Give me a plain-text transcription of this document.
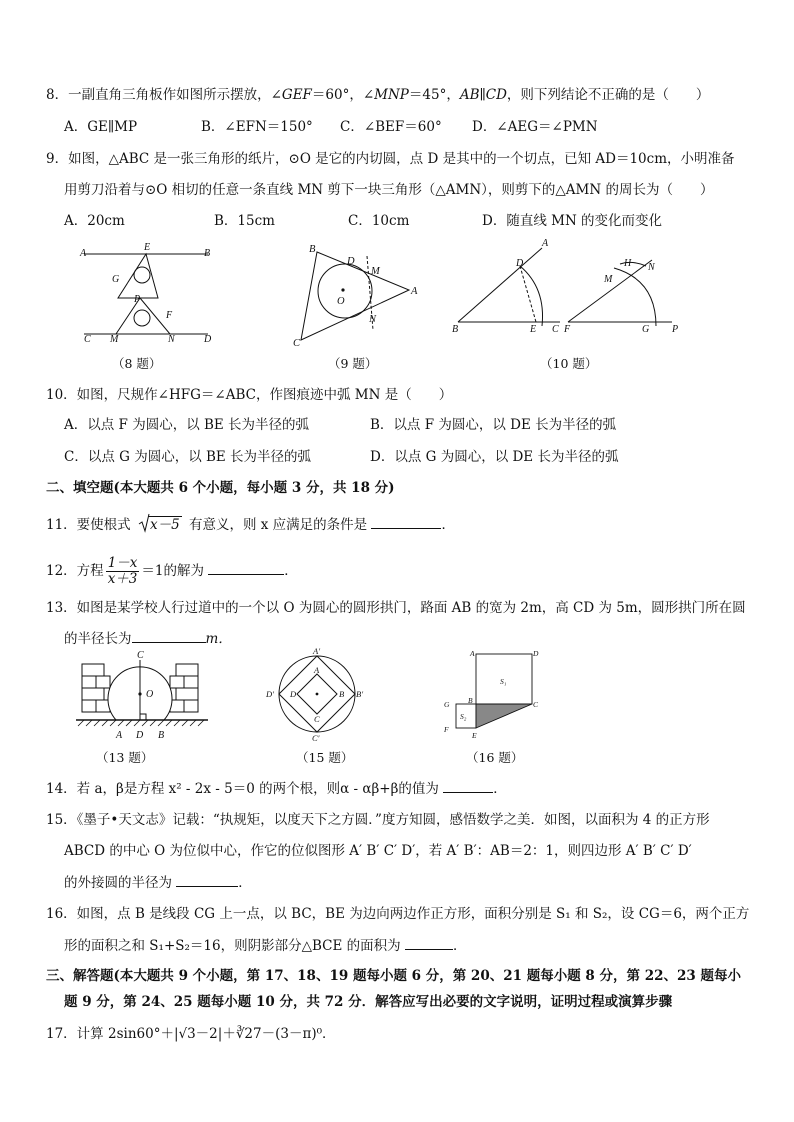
8．一副直角三角板作如图所示摆放，∠GEF＝60°，∠MNP＝45°，AB∥CD，则下列结论不正确的是（　　）
A．GE∥MP	B．∠EFN＝150° C．∠BEF＝60° D．∠AEG＝∠PMN
9．如图，△ABC 是一张三角形的纸片，⊙O 是它的内切圆，点 D 是其中的一个切点，已知 AD＝10cm，小明准备
用剪刀沿着与⊙O 相切的任意一条直线 MN 剪下一块三角形（△AMN），则剪下的△AMN 的周长为（　　）
A．20cm	B．15cm	C．10cm	D．随直线 MN 的变化而变化
A
E
B
G
P
F
C M	N	D
（8 题）
B
D
M
O
A
N
C
（9 题）
A
D
B	E C
H N
M
F	G P
（10 题）
10．如图，尺规作∠HFG＝∠ABC，作图痕迹中弧 MN 是（　　）
A．以点 F 为圆心，以 BE 长为半径的弧	B．以点 F 为圆心，以 DE 长为半径的弧
C．以点 G 为圆心，以 BE 长为半径的弧	D．以点 G 为圆心，以 DE 长为半径的弧
二、填空题(本大题共 6 个小题，每小题 3 分，共 18 分)
11．要使根式 x－5 有意义，则 x 应满足的条件是	．
12．方程 $\frac{1-x}{x+3} =1$的解为	．
13．如图是某学校人行过道中的一个以 O 为圆心的圆形拱门，路面 AB 的宽为 2m，高 CD 为 5m，圆形拱门所在圆
的半径长为	m．
C
O
A D B
（13 题）
A′
A
D′ D	B B′
C
C′
（15 题）
A	D
S₁
G B	C
S₂
F
E
（16 题）
14．若 a，β是方程 x² - 2x - 5＝0 的两个根，则α - αβ+β的值为	．
15．《墨子•天文志》记载：“执规矩，以度天下之方圆．”度方知圆，感悟数学之美．如图，以面积为 4 的正方形
ABCD 的中心 O 为位似中心，作它的位似图形 A′ B′ C′ D′，若 A′ B′：AB＝2：1，则四边形 A′ B′ C′ D′
的外接圆的半径为	．
16．如图，点 B 是线段 CG 上一点，以 BC，BE 为边向两边作正方形，面积分别是 S₁ 和 S₂，设 CG＝6，两个正方
形的面积之和 S₁+S₂＝16，则阴影部分△BCE 的面积为	．
三、解答题(本大题共 9 个小题，第 17、18、19 题每小题 6 分，第 20、21 题每小题 8 分，第 22、23 题每小
题 9 分，第 24、25 题每小题 10 分，共 72 分．解答应写出必要的文字说明，证明过程或演算步骤
17．计算 2sin60°＋|√3－2|＋∛27－(3－π)⁰．
